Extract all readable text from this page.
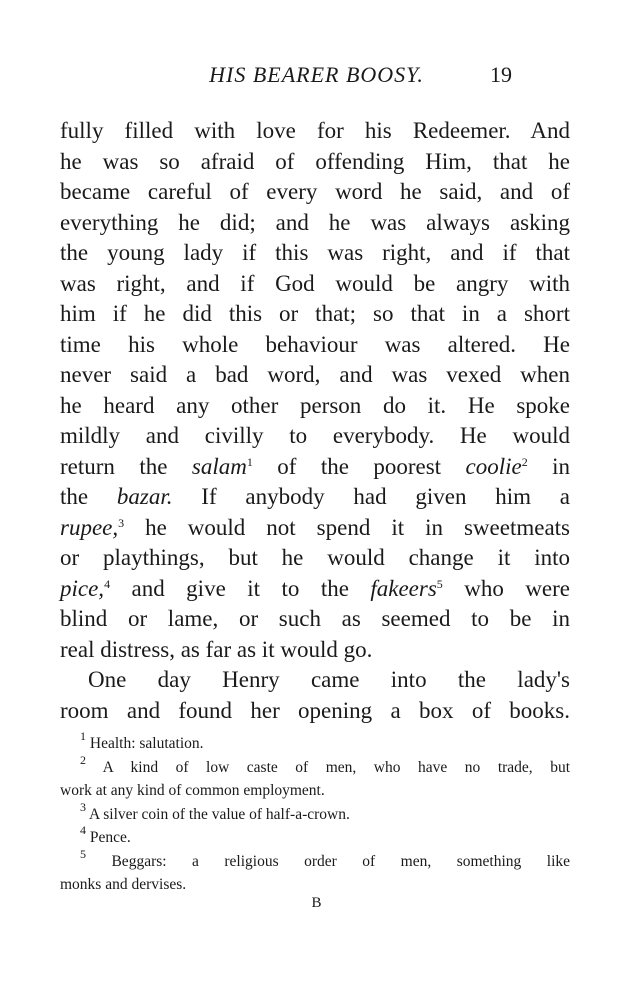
HIS BEARER BOOSY.	19
fully filled with love for his Redeemer. And
he was so afraid of offending Him, that he
became careful of every word he said, and of
everything he did; and he was always asking
the young lady if this was right, and if that
was right, and if God would be angry with
him if he did this or that; so that in a short
time his whole behaviour was altered. He
never said a bad word, and was vexed when
he heard any other person do it. He spoke
mildly and civilly to everybody. He would
return the salam$^1$ of the poorest coolie$^2$ in
the bazar. If anybody had given him a
rupee,$^3$ he would not spend it in sweetmeats
or playthings, but he would change it into
pice,$^4$ and give it to the fakeers$^5$ who were
blind or lame, or such as seemed to be in
real distress, as far as it would go.
One day Henry came into the lady's
room and found her opening a box of books.
$^1$ Health: salutation.
$^2$ A kind of low caste of men, who have no trade, but
work at any kind of common employment.
$^3$ A silver coin of the value of half-a-crown.
$^4$ Pence.
$^5$ Beggars: a religious order of men, something like
monks and dervises.
B
